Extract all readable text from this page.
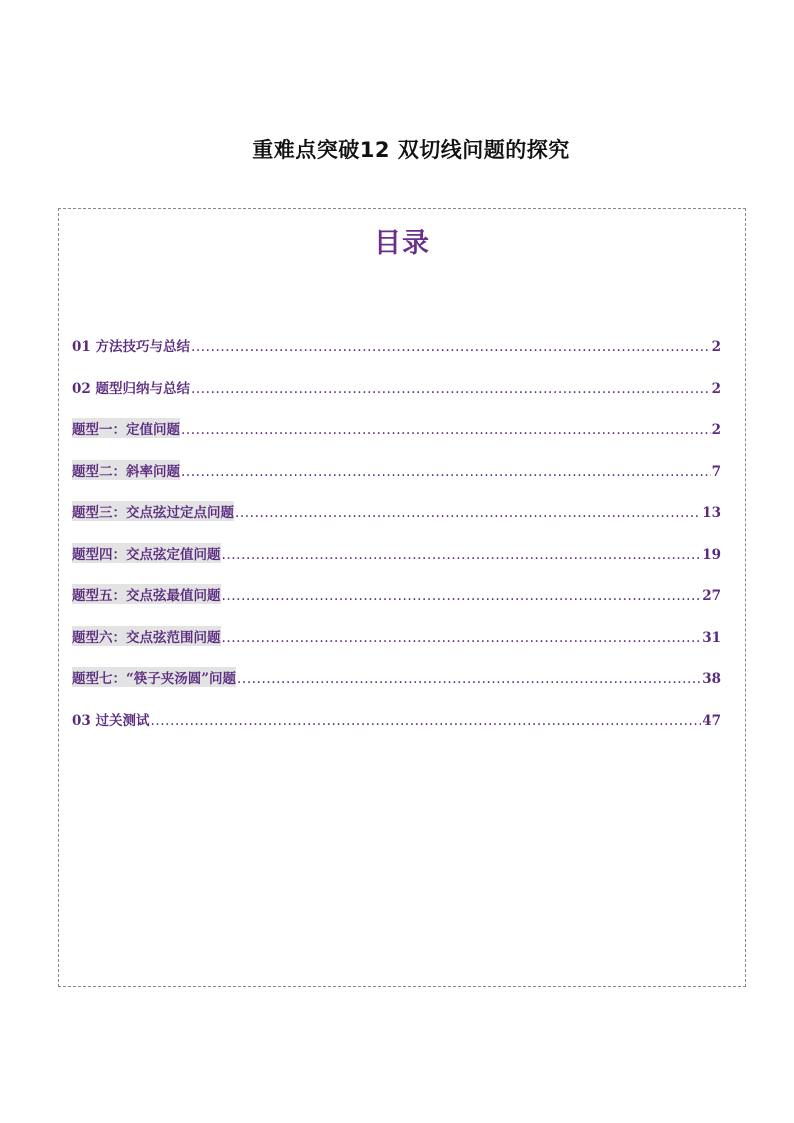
重难点突破12 双切线问题的探究
目录
01 方法技巧与总结 .....	2
02 题型归纳与总结 .....	2
题型一：定值问题 .....	2
题型二：斜率问题 .....	7
题型三：交点弦过定点问题 .....	13
题型四：交点弦定值问题 .....	19
题型五：交点弦最值问题 .....	27
题型六：交点弦范围问题 .....	31
题型七：“筷子夹汤圆”问题 .....	38
03 过关测试 .....	47
